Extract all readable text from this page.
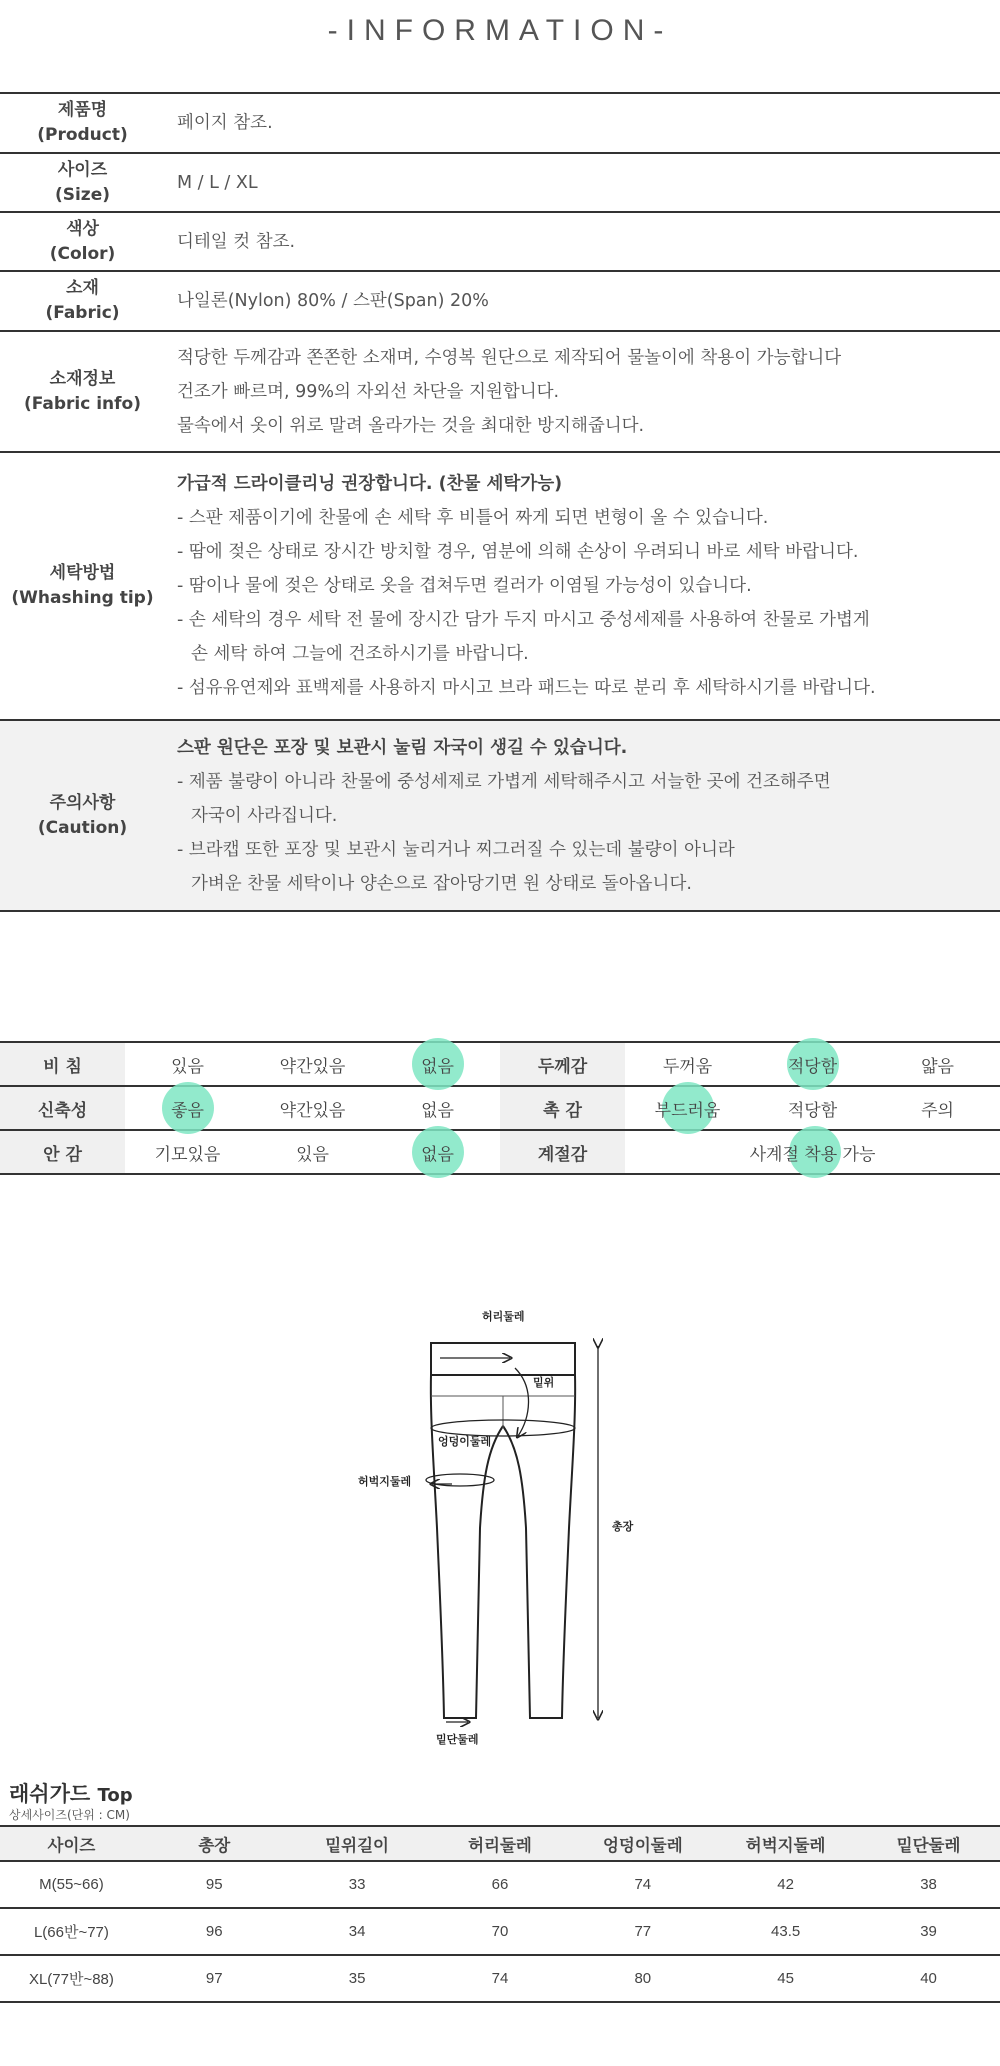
-INFORMATION-
제품명
(Product)
페이지 참조.
사이즈
(Size)
M / L / XL
색상
(Color)
디테일 컷 참조.
소재
(Fabric)
나일론(Nylon) 80% / 스판(Span) 20%
소재정보
(Fabric info)
적당한 두께감과 쫀쫀한 소재며, 수영복 원단으로 제작되어 물놀이에 착용이 가능합니다
건조가 빠르며, 99%의 자외선 차단을 지원합니다.
물속에서 옷이 위로 말려 올라가는 것을 최대한 방지해줍니다.
세탁방법
(Whashing tip)
가급적 드라이클리닝 권장합니다. (찬물 세탁가능)
- 스판 제품이기에 찬물에 손 세탁 후 비틀어 짜게 되면 변형이 올 수 있습니다.
- 땀에 젖은 상태로 장시간 방치할 경우, 염분에 의해 손상이 우려되니 바로 세탁 바랍니다.
- 땀이나 물에 젖은 상태로 옷을 겹쳐두면 컬러가 이염될 가능성이 있습니다.
- 손 세탁의 경우 세탁 전 물에 장시간 담가 두지 마시고 중성세제를 사용하여 찬물로 가볍게
손 세탁 하여 그늘에 건조하시기를 바랍니다.
- 섬유유연제와 표백제를 사용하지 마시고 브라 패드는 따로 분리 후 세탁하시기를 바랍니다.
주의사항
(Caution)
스판 원단은 포장 및 보관시 눌림 자국이 생길 수 있습니다.
- 제품 불량이 아니라 찬물에 중성세제로 가볍게 세탁해주시고 서늘한 곳에 건조해주면
자국이 사라집니다.
- 브라캡 또한 포장 및 보관시 눌리거나 찌그러질 수 있는데 불량이 아니라
가벼운 찬물 세탁이나 양손으로 잡아당기면 원 상태로 돌아옵니다.
비 침	있음	약간있음	없음	두께감	두꺼움	적당함	얇음
신축성	좋음	약간있음	없음	촉 감	부드러움	적당함	주의
안 감	기모있음	있음	없음	계절감	사계절 착용 가능
허리둘레
밑위
엉덩이둘레
허벅지둘레
총장
밑단둘레
래쉬가드 Top
상세사이즈(단위 : CM)
사이즈	총장	밑위길이	허리둘레	엉덩이둘레	허벅지둘레	밑단둘레
M(55~66)	95	33	66	74	42	38
L(66반~77)	96	34	70	77	43.5	39
XL(77반~88)	97	35	74	80	45	40
